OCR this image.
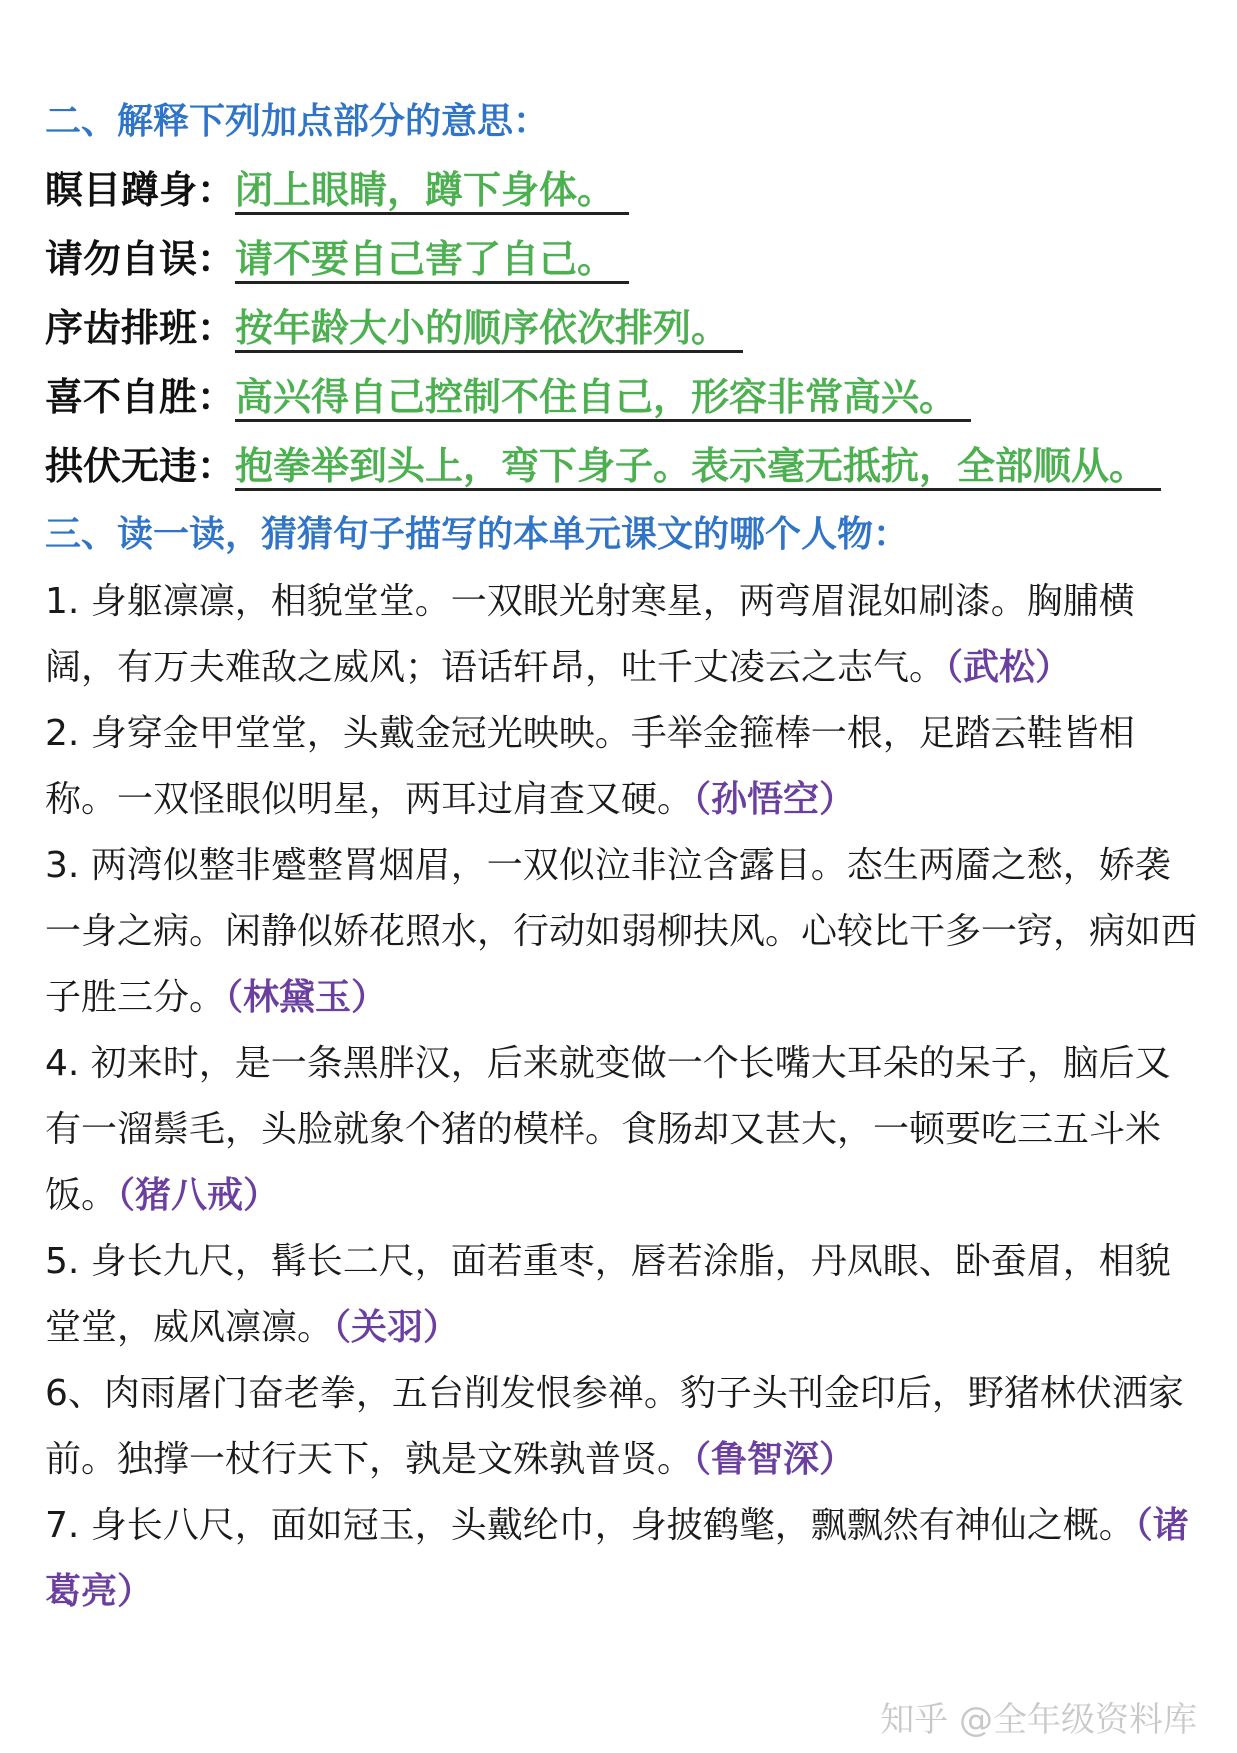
二、解释下列加点部分的意思：
瞑目蹲身：闭上眼睛，蹲下身体。
请勿自误：请不要自己害了自己。
序齿排班：按年龄大小的顺序依次排列。
喜不自胜：高兴得自己控制不住自己，形容非常高兴。
拱伏无违：抱拳举到头上，弯下身子。表示毫无抵抗，全部顺从。
三、读一读，猜猜句子描写的本单元课文的哪个人物：

1. 身躯凛凛，相貌堂堂。一双眼光射寒星，两弯眉混如刷漆。胸脯横阔，有万夫难敌之威风；语话轩昂，吐千丈凌云之志气。（武松）

2. 身穿金甲堂堂，头戴金冠光映映。手举金箍棒一根，足踏云鞋皆相称。一双怪眼似明星，两耳过肩查又硬。（孙悟空）

3. 两湾似整非蹙整罥烟眉，一双似泣非泣含露目。态生两靥之愁，娇袭一身之病。闲静似娇花照水，行动如弱柳扶风。心较比干多一窍，病如西子胜三分。（林黛玉）

4. 初来时，是一条黑胖汉，后来就变做一个长嘴大耳朵的呆子，脑后又有一溜鬃毛，头脸就象个猪的模样。食肠却又甚大，一顿要吃三五斗米饭。（猪八戒）

5. 身长九尺，髯长二尺，面若重枣，唇若涂脂，丹凤眼、卧蚕眉，相貌堂堂，威风凛凛。（关羽）

6、肉雨屠门奋老拳，五台削发恨参禅。豹子头刊金印后，野猪林伏洒家前。独撑一杖行天下，孰是文殊孰普贤。（鲁智深）

7. 身长八尺，面如冠玉，头戴纶巾，身披鹤氅，飘飘然有神仙之概。（诸葛亮）

知乎 @全年级资料库
